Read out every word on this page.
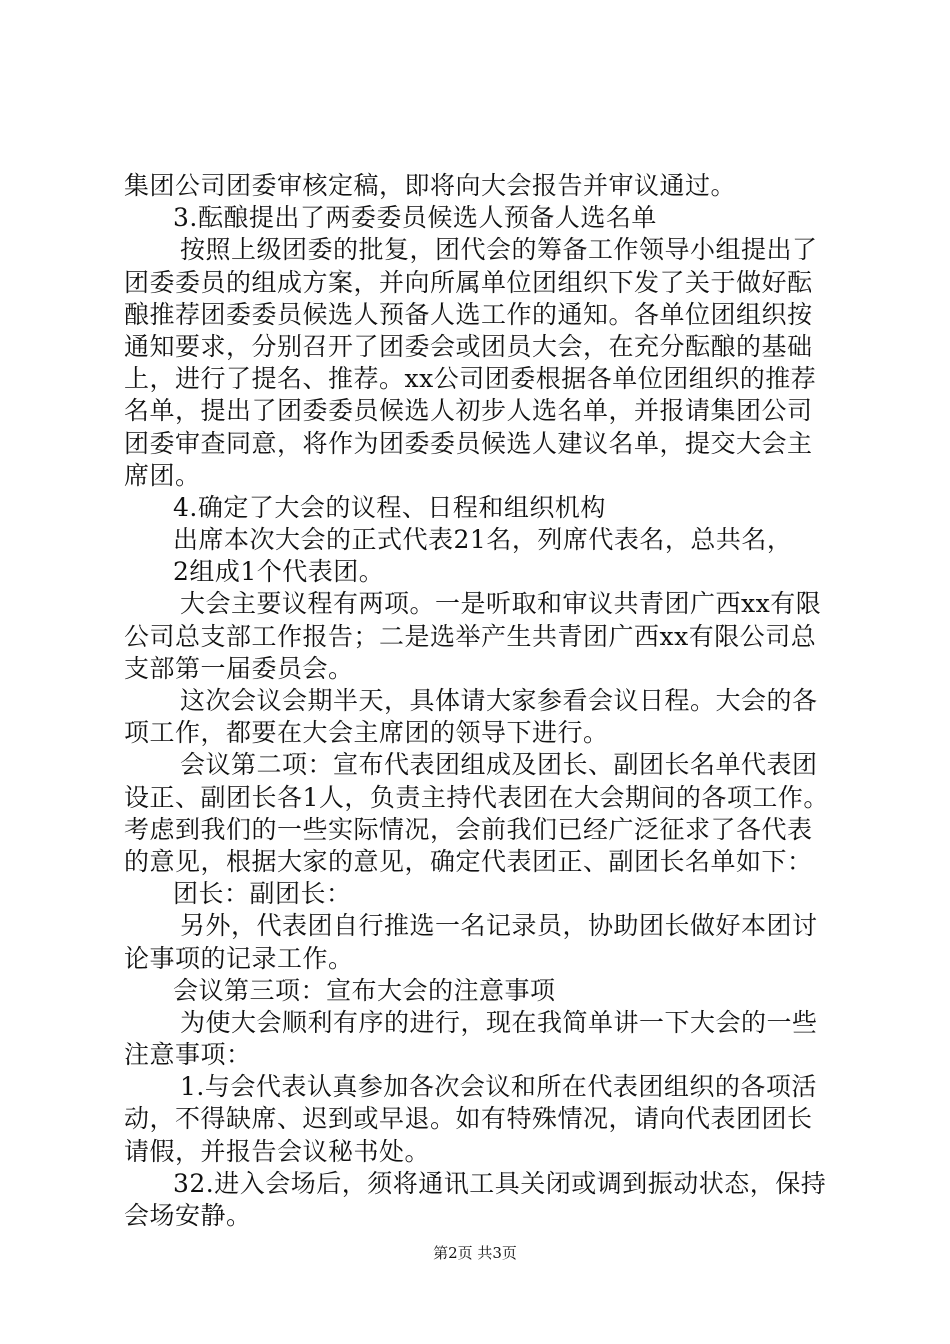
集团公司团委审核定稿，即将向大会报告并审议通过。
3.酝酿提出了两委委员候选人预备人选名单
按照上级团委的批复，团代会的筹备工作领导小组提出了
团委委员的组成方案，并向所属单位团组织下发了关于做好酝
酿推荐团委委员候选人预备人选工作的通知。各单位团组织按
通知要求，分别召开了团委会或团员大会，在充分酝酿的基础
上，进行了提名、推荐。xx公司团委根据各单位团组织的推荐
名单，提出了团委委员候选人初步人选名单，并报请集团公司
团委审查同意，将作为团委委员候选人建议名单，提交大会主
席团。
4.确定了大会的议程、日程和组织机构
出席本次大会的正式代表21名，列席代表名，总共名，
2组成1个代表团。
大会主要议程有两项。一是听取和审议共青团广西xx有限
公司总支部工作报告；二是选举产生共青团广西xx有限公司总
支部第一届委员会。
这次会议会期半天，具体请大家参看会议日程。大会的各
项工作，都要在大会主席团的领导下进行。
会议第二项：宣布代表团组成及团长、副团长名单代表团
设正、副团长各1人，负责主持代表团在大会期间的各项工作。
考虑到我们的一些实际情况，会前我们已经广泛征求了各代表
的意见，根据大家的意见，确定代表团正、副团长名单如下：
团长：副团长：
另外，代表团自行推选一名记录员，协助团长做好本团讨
论事项的记录工作。
会议第三项：宣布大会的注意事项
为使大会顺利有序的进行，现在我简单讲一下大会的一些
注意事项：
1.与会代表认真参加各次会议和所在代表团组织的各项活
动，不得缺席、迟到或早退。如有特殊情况，请向代表团团长
请假，并报告会议秘书处。
32.进入会场后，须将通讯工具关闭或调到振动状态，保持
会场安静。
第2页 共3页
